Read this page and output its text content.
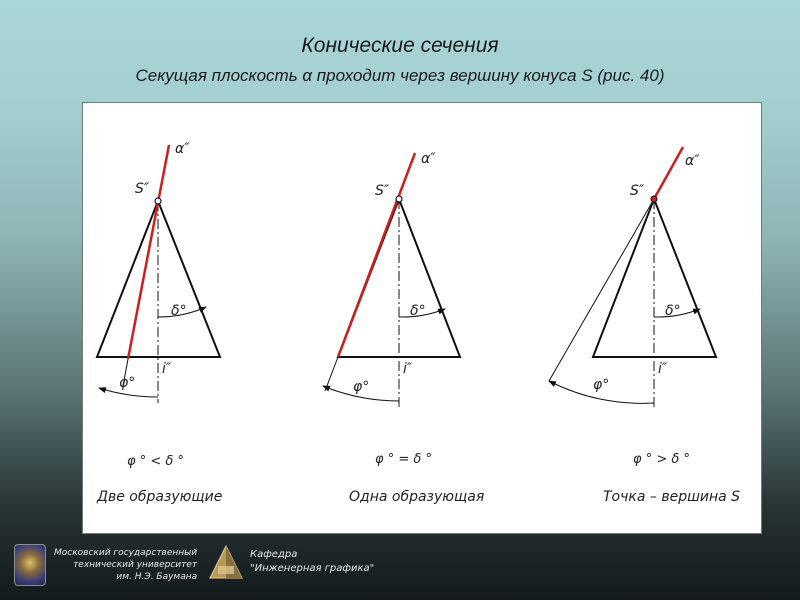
Конические сечения
Секущая плоскость α проходит через вершину конуса S (рис. 40)
α″
S″
δ°
i″
φ°
φ ° < δ °
Две образующие
α″
S″
δ°
i″
φ°
φ ° = δ °
Одна образующая
α″
S″
δ°
i″
φ°
φ ° > δ °
Точка – вершина S
Московский государственный
технический университет
им. Н.Э. Баумана
Кафедра
"Инженерная графика"
